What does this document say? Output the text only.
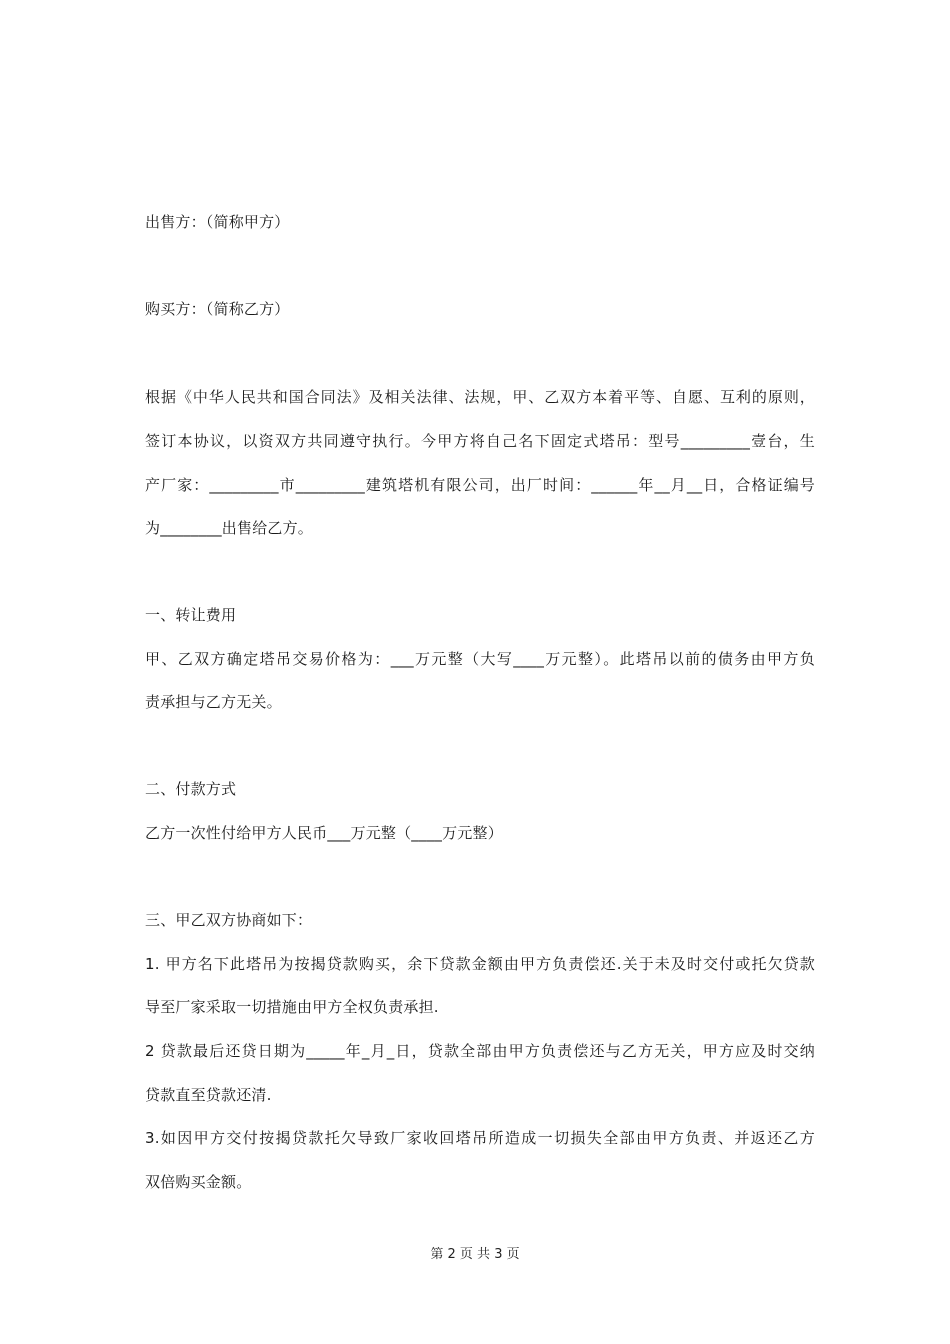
出售方：（简称甲方）
购买方：（简称乙方）
根据《中华人民共和国合同法》及相关法律、法规，甲、乙双方本着平等、自愿、互利的原则，
签订本协议，以资双方共同遵守执行。今甲方将自己名下固定式塔吊：型号_________壹台，生
产厂家：_________市_________建筑塔机有限公司，出厂时间：______年__月__日，合格证编号
为________出售给乙方。
一、转让费用
甲、乙双方确定塔吊交易价格为：___万元整（大写____万元整）。此塔吊以前的债务由甲方负
责承担与乙方无关。
二、付款方式
乙方一次性付给甲方人民币___万元整（____万元整）
三、甲乙双方协商如下：
1. 甲方名下此塔吊为按揭贷款购买，余下贷款金额由甲方负责偿还.关于未及时交付或托欠贷款
导至厂家采取一切措施由甲方全权负责承担.
2 贷款最后还贷日期为_____年_月_日，贷款全部由甲方负责偿还与乙方无关，甲方应及时交纳
贷款直至贷款还清.
3.如因甲方交付按揭贷款托欠导致厂家收回塔吊所造成一切损失全部由甲方负责、并返还乙方
双倍购买金额。
第 2 页 共 3 页
